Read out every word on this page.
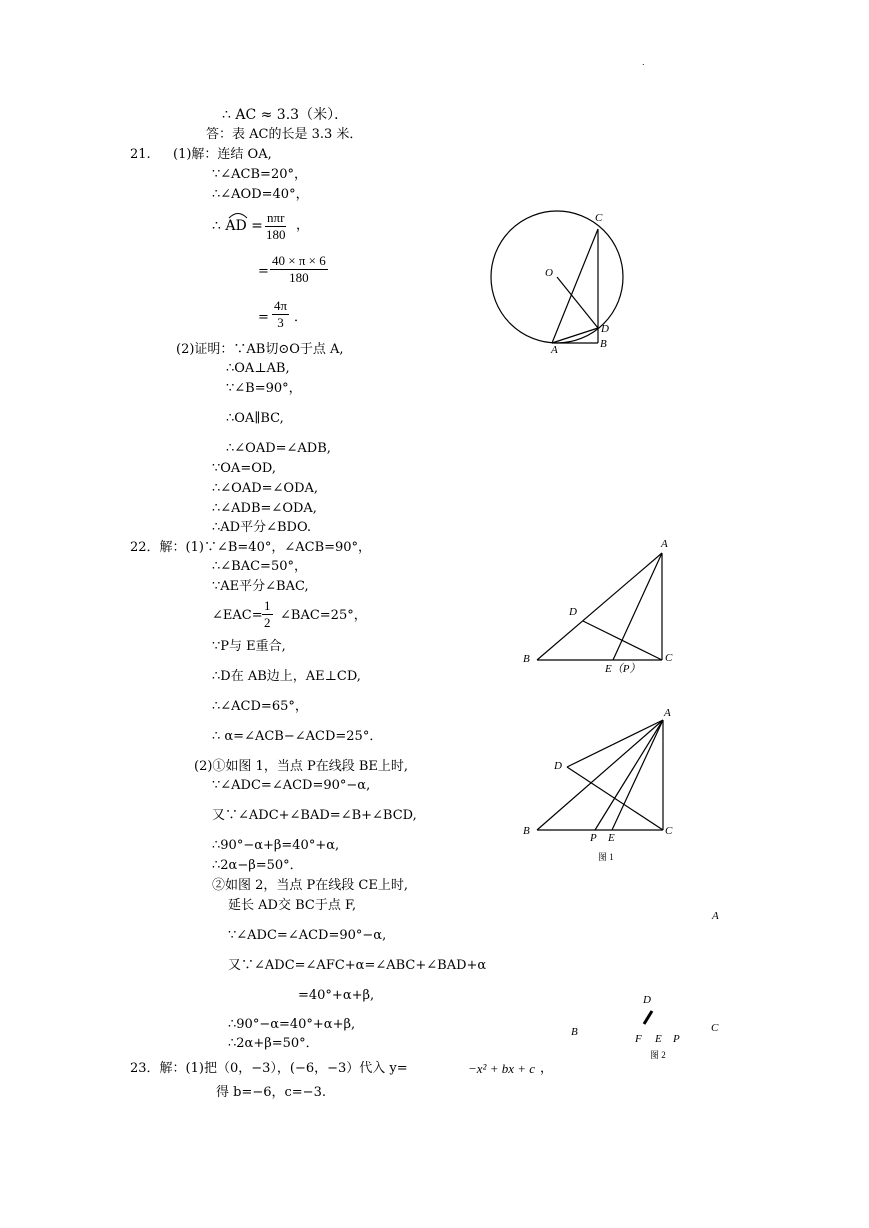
.
∴ AC ≈ 3.3（米）．
答：表 AC的长是 3.3 米．
21. (1)解：连结 OA,
∵∠ACB=20°，
∴∠AOD=40°，
∴ AD =
nπr
180
，
= $\frac{40 \times \pi \times 6}{180}$
= $\frac{4\pi}{3}$ ．
(2)证明：∵AB切⊙O于点 A,
∴OA⊥AB,
∵∠B=90°，
∴OA∥BC,
∴∠OAD=∠ADB,
∵OA=OD,
∴∠OAD=∠ODA,
∴∠ADB=∠ODA,
∴AD平分∠BDO.
C
O
D
A	B
22．解：(1)∵∠B=40°，∠ACB=90°，
∴∠BAC=50°，
∵AE平分∠BAC,
∠EAC= $\frac{1}{2}$ ∠BAC=25°，
∵P与 E重合,
∴D在 AB边上，AE⊥CD,
∴∠ACD=65°，
∴ α=∠ACB−∠ACD=25°．
(2)①如图 1，当点 P在线段 BE上时,
∵∠ADC=∠ACD=90°−α,
又∵∠ADC+∠BAD=∠B+∠BCD,
∴90°−α+β=40°+α,
∴2α−β=50°．
②如图 2，当点 P在线段 CE上时,
延长 AD交 BC于点 F,
∵∠ADC=∠ACD=90°−α,
又∵∠ADC=∠AFC+α=∠ABC+∠BAD+α
=40°+α+β,
∴90°−α=40°+α+β,
∴2α+β=50°．
A
D
B	C
E（P）
A
D
B
P E
C
图 1
A
D
B
F E P
C
图 2
23．解：(1)把（0，−3），(−6，−3）代入 y=	−x² + bx + c ，
得 b=−6，c=−3.
